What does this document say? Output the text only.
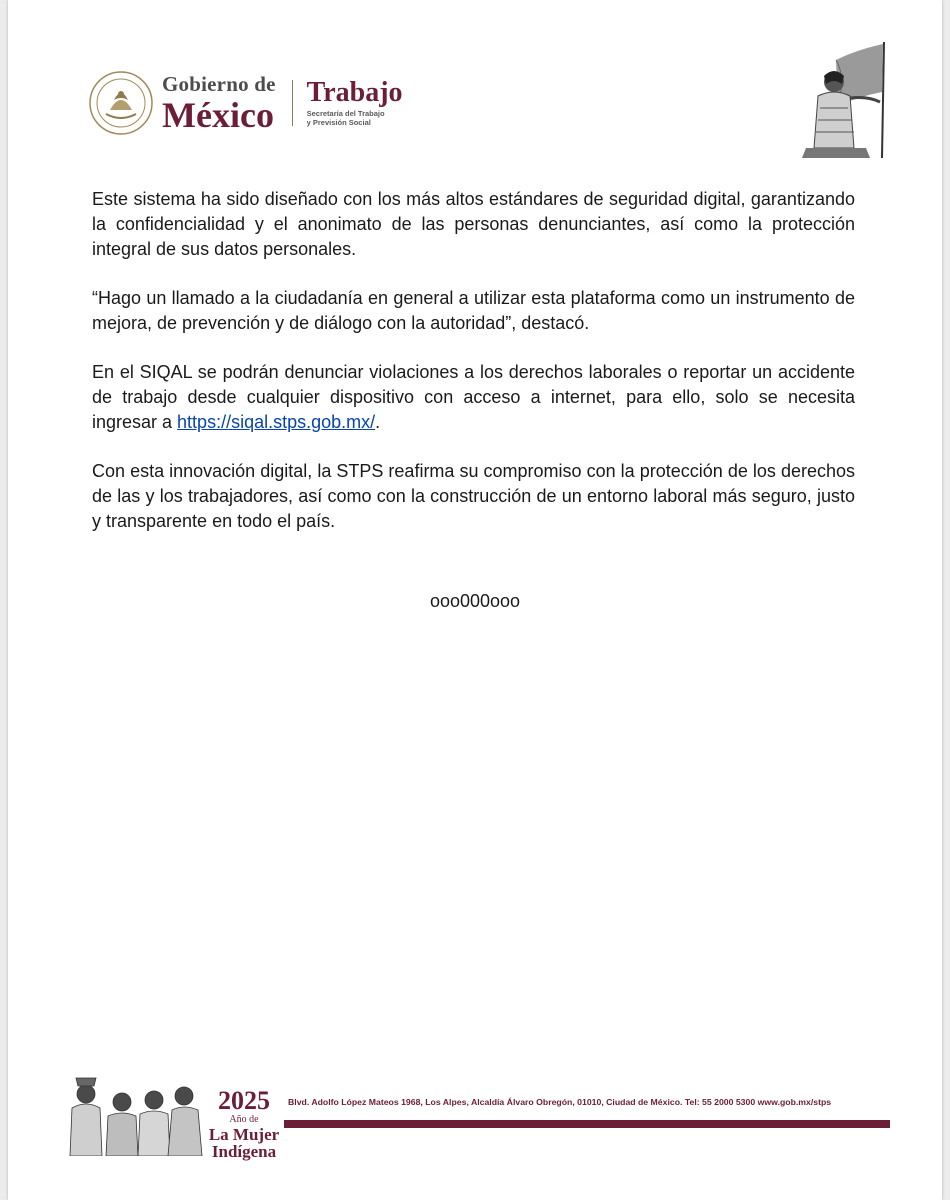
Gobierno de
México
Trabajo
Secretaría del Trabajo
y Previsión Social

Este sistema ha sido diseñado con los más altos estándares de seguridad digital, garantizando la confidencialidad y el anonimato de las personas denunciantes, así como la protección integral de sus datos personales.

“Hago un llamado a la ciudadanía en general a utilizar esta plataforma como un instrumento de mejora, de prevención y de diálogo con la autoridad”, destacó.

En el SIQAL se podrán denunciar violaciones a los derechos laborales o reportar un accidente de trabajo desde cualquier dispositivo con acceso a internet, para ello, solo se necesita ingresar a https://siqal.stps.gob.mx/.

Con esta innovación digital, la STPS reafirma su compromiso con la protección de los derechos de las y los trabajadores, así como con la construcción de un entorno laboral más seguro, justo y transparente en todo el país.

ooo000ooo
2025
Año de
La Mujer
Indígena
Blvd. Adolfo López Mateos 1968, Los Alpes, Alcaldía Álvaro Obregón, 01010, Ciudad de México. Tel: 55 2000 5300 www.gob.mx/stps
